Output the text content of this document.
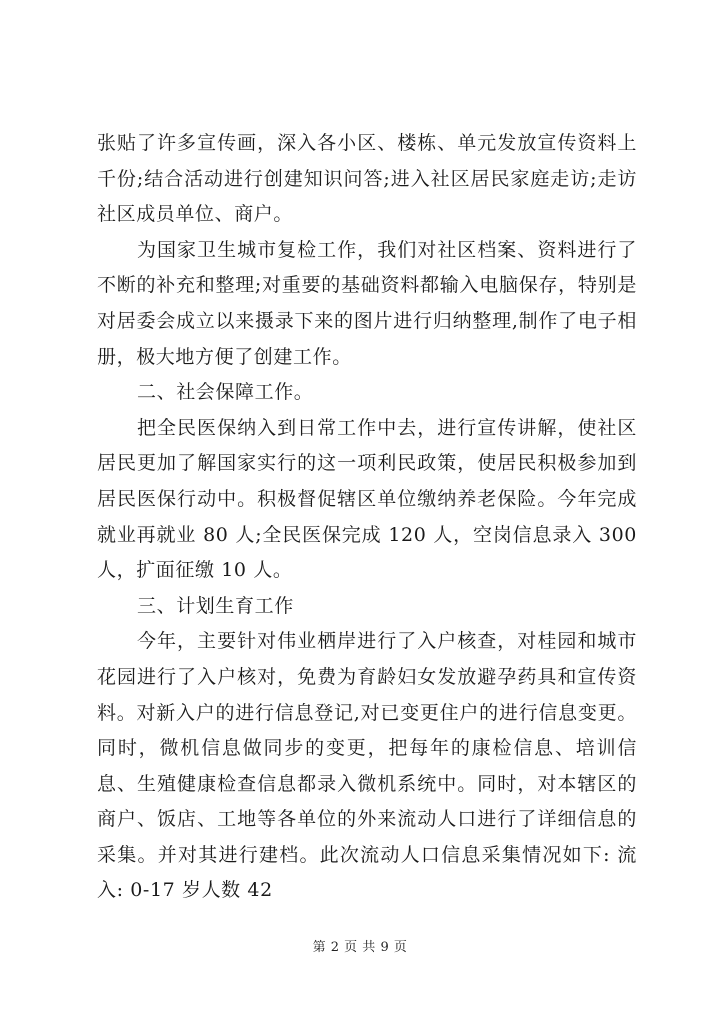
张贴了许多宣传画，深入各小区、楼栋、单元发放宣传资料上千份;结合活动进行创建知识问答;进入社区居民家庭走访;走访社区成员单位、商户。

为国家卫生城市复检工作，我们对社区档案、资料进行了不断的补充和整理;对重要的基础资料都输入电脑保存，特别是对居委会成立以来摄录下来的图片进行归纳整理,制作了电子相册，极大地方便了创建工作。

二、社会保障工作。

把全民医保纳入到日常工作中去，进行宣传讲解，使社区居民更加了解国家实行的这一项利民政策，使居民积极参加到居民医保行动中。积极督促辖区单位缴纳养老保险。今年完成就业再就业 80 人;全民医保完成 120 人，空岗信息录入 300 人，扩面征缴 10 人。

三、计划生育工作

今年，主要针对伟业栖岸进行了入户核查，对桂园和城市花园进行了入户核对，免费为育龄妇女发放避孕药具和宣传资料。对新入户的进行信息登记,对已变更住户的进行信息变更。同时，微机信息做同步的变更，把每年的康检信息、培训信息、生殖健康检查信息都录入微机系统中。同时，对本辖区的商户、饭店、工地等各单位的外来流动人口进行了详细信息的采集。并对其进行建档。此次流动人口信息采集情况如下: 流入: 0-17 岁人数 42

第 2 页 共 9 页
